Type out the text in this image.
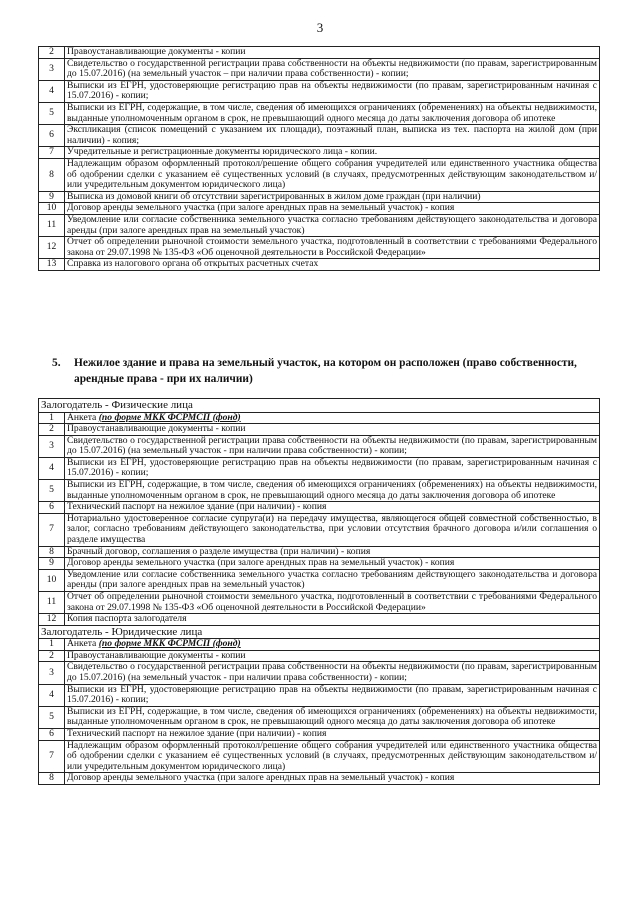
3
2	Правоустанавливающие документы - копии
3	Свидетельство о государственной регистрации права собственности на объекты недвижимости (по правам, зарегистрированным до 15.07.2016) (на земельный участок – при наличии права собственности) - копии;
4	Выписки из ЕГРН, удостоверяющие регистрацию прав на объекты недвижимости (по правам, зарегистрированным начиная с 15.07.2016) - копии;
5	Выписки из ЕГРН, содержащие, в том числе, сведения об имеющихся ограничениях (обременениях) на объекты недвижимости, выданные уполномоченным органом в срок, не превышающий одного месяца до даты заключения договора об ипотеке
6	Экспликация (список помещений с указанием их площади), поэтажный план, выписка из тех. паспорта на жилой дом (при наличии) - копия;
7	Учредительные и регистрационные документы юридического лица - копии.
8	Надлежащим образом оформленный протокол/решение общего собрания учредителей или единственного участника общества об одобрении сделки с указанием её существенных условий (в случаях, предусмотренных действующим законодательством и/или учредительным документом юридического лица)
9	Выписка из домовой книги об отсутствии зарегистрированных в жилом доме граждан (при наличии)
10	Договор аренды земельного участка (при залоге арендных прав на земельный участок) - копия
11	Уведомление или согласие собственника земельного участка согласно требованиям действующего законодательства и договора аренды (при залоге арендных прав на земельный участок)
12	Отчет об определении рыночной стоимости земельного участка, подготовленный в соответствии с требованиями Федерального закона от 29.07.1998 № 135-ФЗ «Об оценочной деятельности в Российской Федерации»
13	Справка из налогового органа об открытых расчетных счетах
5. Нежилое здание и права на земельный участок, на котором он расположен (право собственности,
арендные права - при их наличии)
Залогодатель - Физические лица	
1	Анкета (по форме МКК ФСРМСП (фонд)
2	Правоустанавливающие документы - копии
3	Свидетельство о государственной регистрации права собственности на объекты недвижимости (по правам, зарегистрированным до 15.07.2016) (на земельный участок - при наличии права собственности) - копии;
4	Выписки из ЕГРН, удостоверяющие регистрацию прав на объекты недвижимости (по правам, зарегистрированным начиная с 15.07.2016) - копии;
5	Выписки из ЕГРН, содержащие, в том числе, сведения об имеющихся ограничениях (обременениях) на объекты недвижимости, выданные уполномоченным органом в срок, не превышающий одного месяца до даты заключения договора об ипотеке
6	Технический паспорт на нежилое здание (при наличии) - копия
7	Нотариально удостоверенное согласие супруга(и) на передачу имущества, являющегося общей совместной собственностью, в залог, согласно требованиям действующего законодательства, при условии отсутствия брачного договора и/или соглашения о разделе имущества
8	Брачный договор, соглашения о разделе имущества (при наличии) - копия
9	Договор аренды земельного участка (при залоге арендных прав на земельный участок) - копия
10	Уведомление или согласие собственника земельного участка согласно требованиям действующего законодательства и договора аренды (при залоге арендных прав на земельный участок)
11	Отчет об определении рыночной стоимости земельного участка, подготовленный в соответствии с требованиями Федерального закона от 29.07.1998 № 135-ФЗ «Об оценочной деятельности в Российской Федерации»
12	Копия паспорта залогодателя
Залогодатель - Юридические лица	
1	Анкета (по форме МКК ФСРМСП (фонд)
2	Правоустанавливающие документы - копии
3	Свидетельство о государственной регистрации права собственности на объекты недвижимости (по правам, зарегистрированным до 15.07.2016) (на земельный участок - при наличии права собственности) - копии;
4	Выписки из ЕГРН, удостоверяющие регистрацию прав на объекты недвижимости (по правам, зарегистрированным начиная с 15.07.2016) - копии;
5	Выписки из ЕГРН, содержащие, в том числе, сведения об имеющихся ограничениях (обременениях) на объекты недвижимости, выданные уполномоченным органом в срок, не превышающий одного месяца до даты заключения договора об ипотеке
6	Технический паспорт на нежилое здание (при наличии) - копия
7	Надлежащим образом оформленный протокол/решение общего собрания учредителей или единственного участника общества об одобрении сделки с указанием её существенных условий (в случаях, предусмотренных действующим законодательством и/или учредительным документом юридического лица)
8	Договор аренды земельного участка (при залоге арендных прав на земельный участок) - копия
